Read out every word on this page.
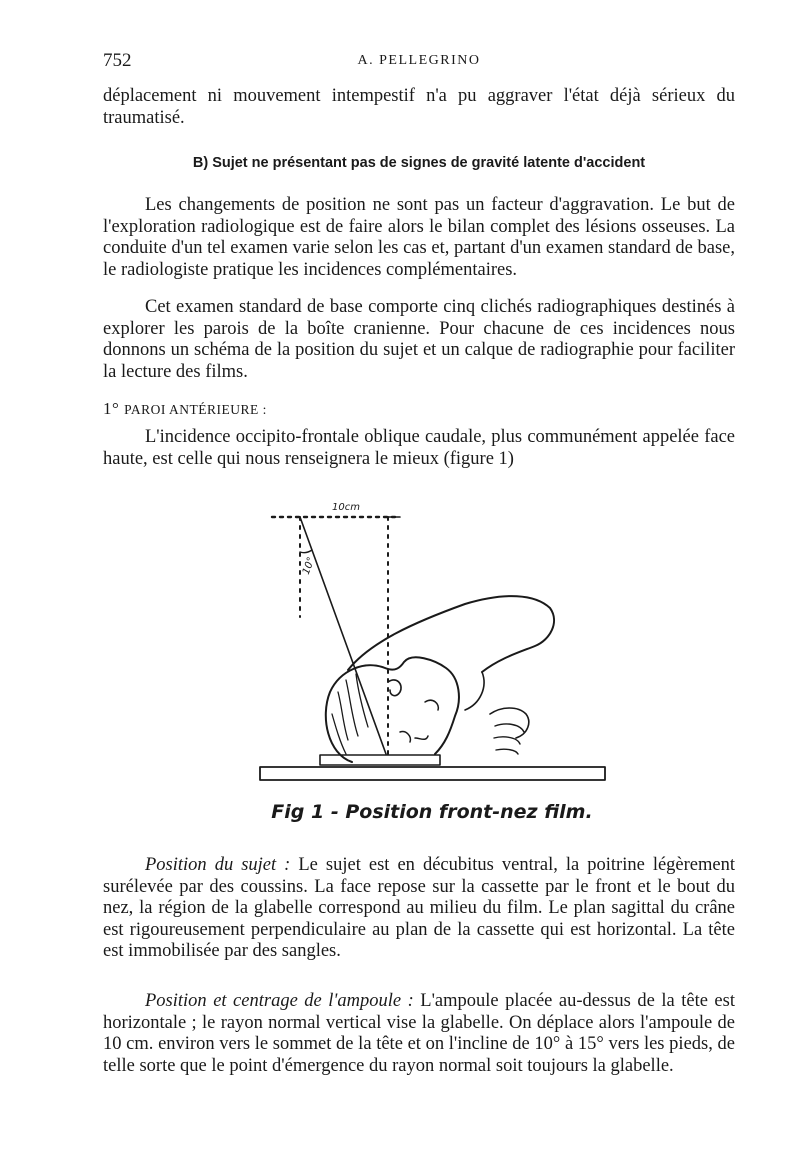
752	A. PELLEGRINO

déplacement ni mouvement intempestif n'a pu aggraver l'état déjà sérieux du traumatisé.

B) Sujet ne présentant pas de signes de gravité latente d'accident

Les changements de position ne sont pas un facteur d'aggravation. Le but de l'exploration radiologique est de faire alors le bilan complet des lésions osseuses. La conduite d'un tel examen varie selon les cas et, partant d'un examen standard de base, le radiologiste pratique les incidences complémentaires.

Cet examen standard de base comporte cinq clichés radiographiques destinés à explorer les parois de la boîte cranienne. Pour chacune de ces incidences nous donnons un schéma de la position du sujet et un calque de radiographie pour faciliter la lecture des films.

1° PAROI ANTÉRIEURE :

L'incidence occipito-frontale oblique caudale, plus communément appelée face haute, est celle qui nous renseignera le mieux (figure 1)

10cm
10°
Fig 1 - Position front-nez film.

Position du sujet : Le sujet est en décubitus ventral, la poitrine légèrement surélevée par des coussins. La face repose sur la cassette par le front et le bout du nez, la région de la glabelle correspond au milieu du film. Le plan sagittal du crâne est rigoureusement perpendiculaire au plan de la cassette qui est horizontal. La tête est immobilisée par des sangles.

Position et centrage de l'ampoule : L'ampoule placée au-dessus de la tête est horizontale ; le rayon normal vertical vise la glabelle. On déplace alors l'ampoule de 10 cm. environ vers le sommet de la tête et on l'incline de 10° à 15° vers les pieds, de telle sorte que le point d'émergence du rayon normal soit toujours la glabelle.
